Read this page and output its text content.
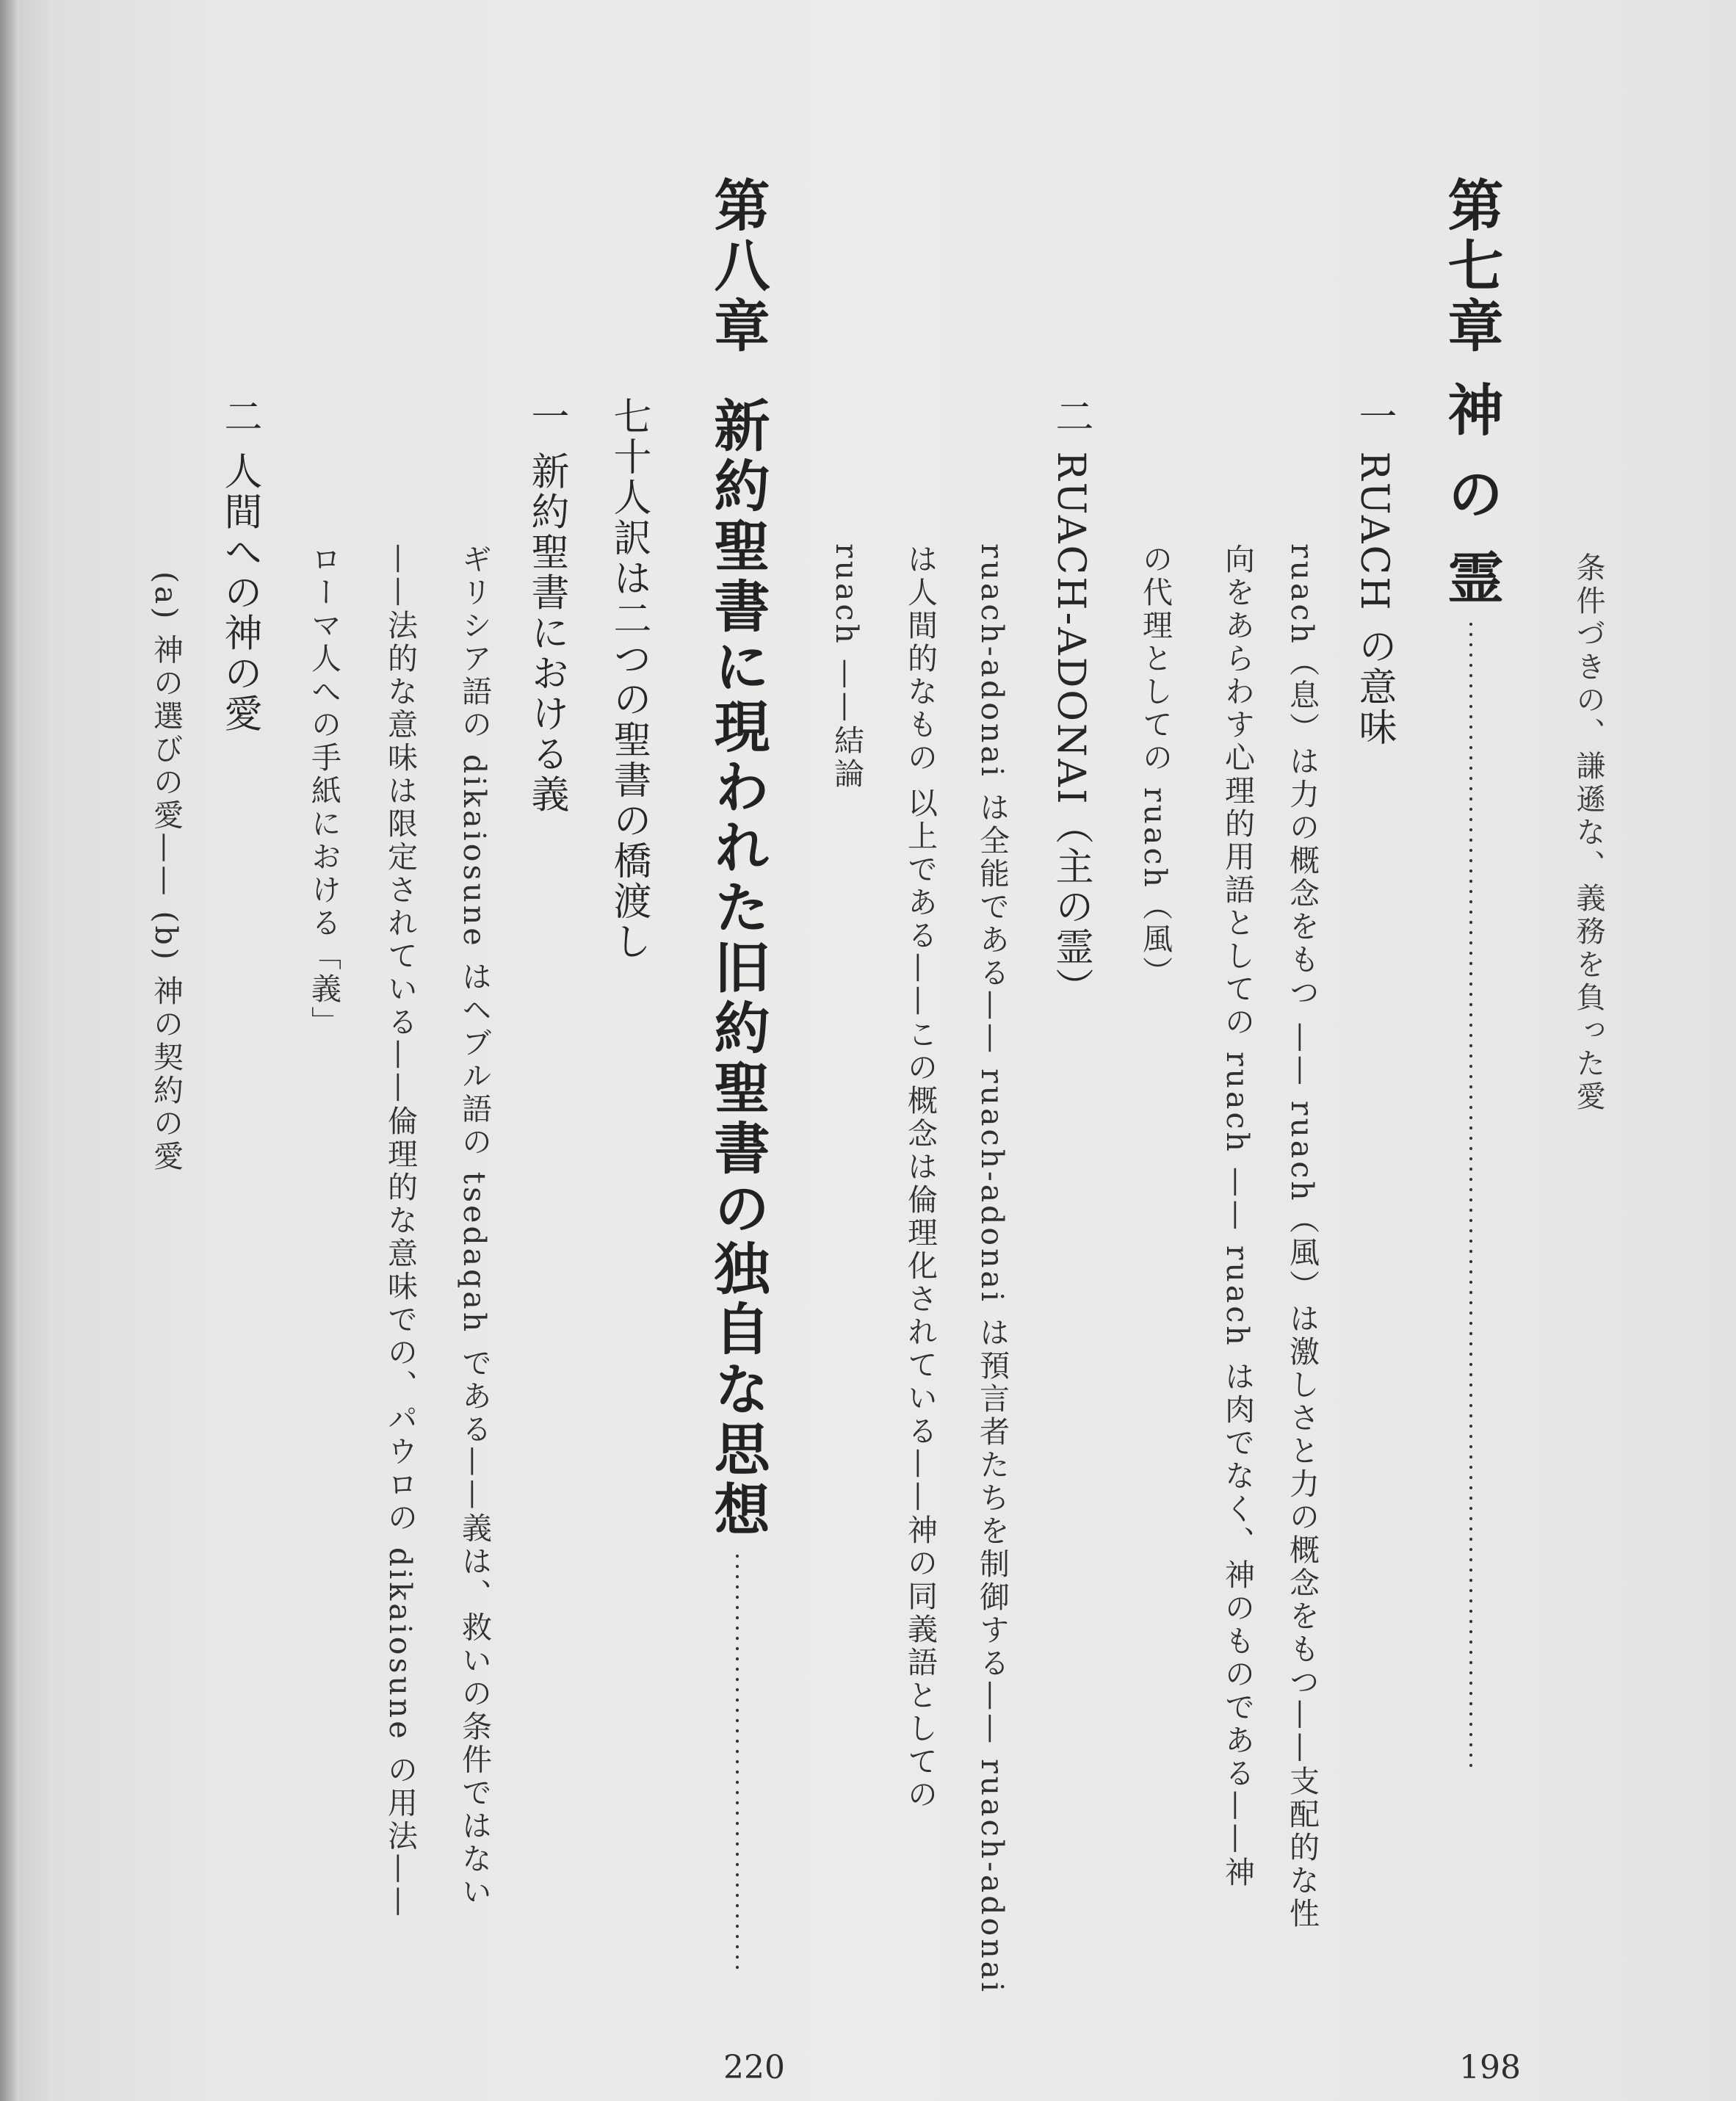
条件づきの、謙遜な、義務を負った愛
第七章 神 の 霊
198
一 RUACH の意味
ruach（息）は力の概念をもつ —— ruach（風）は激しさと力の概念をもつ——支配的な性
向をあらわす心理的用語としての ruach —— ruach は肉でなく、神のものである——神
の代理としての ruach（風）
二 RUACH-ADONAI（主の霊）
ruach-adonai は全能である—— ruach-adonai は預言者たちを制御する—— ruach-adonai
は人間的なもの 以上である——この概念は倫理化されている——神の同義語としての
ruach ——結論
第八章
新約聖書に現われた旧約聖書の独自な思想
220
七十人訳は二つの聖書の橋渡し
一 新約聖書における義
ギリシア語の dikaiosune はヘブル語の tsedaqah である——義は、救いの条件ではない
——法的な意味は限定されている——倫理的な意味での、パウロの dikaiosune の用法——
ローマ人への手紙における「義」
二 人間への神の愛
(a) 神の選びの愛—— (b) 神の契約の愛
